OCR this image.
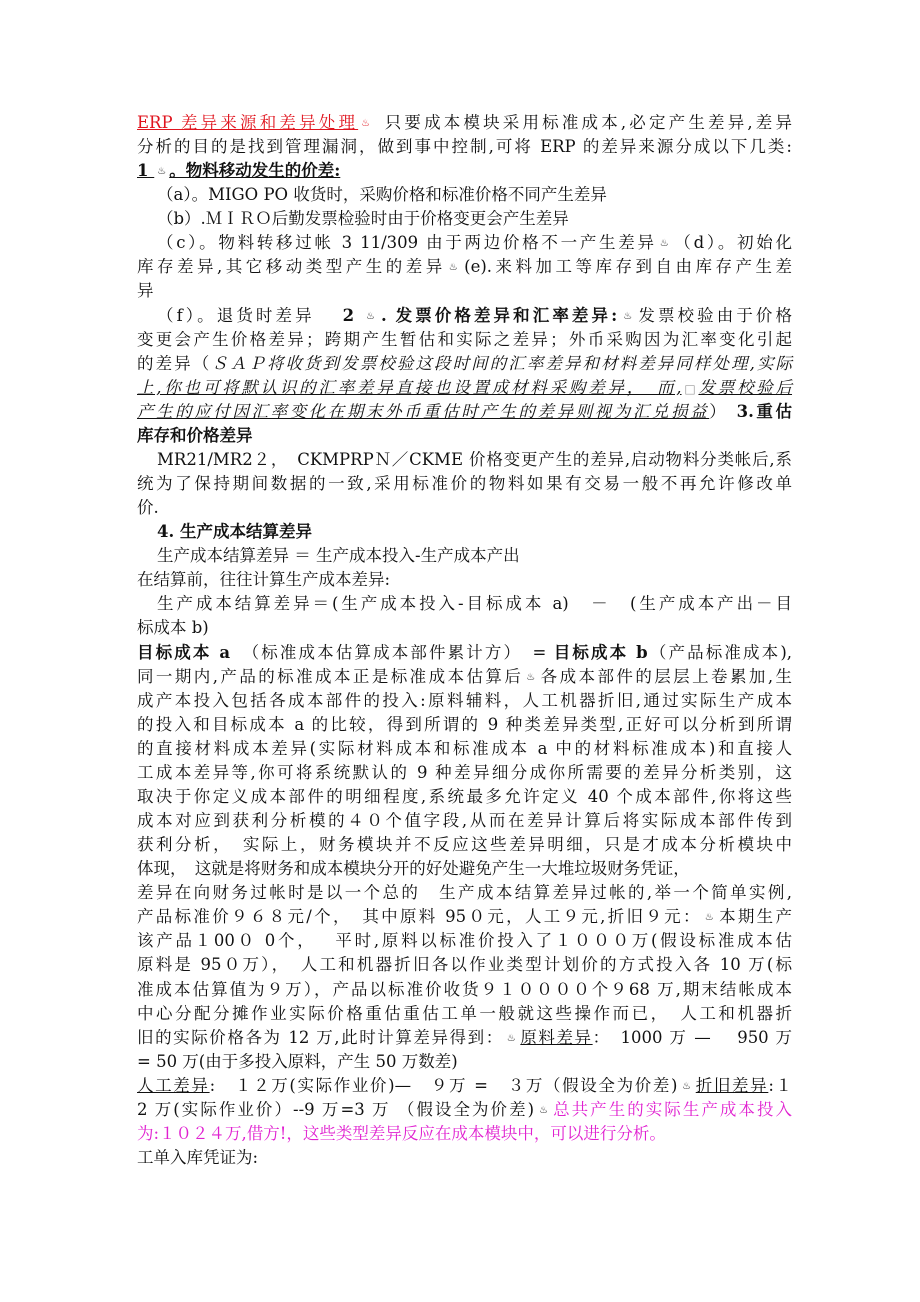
ERP 差异来源和差异处理 ♨ 只要成本模块采用标准成本,必定产生差异,差异
分析的目的是找到管理漏洞，做到事中控制,可将 ERP 的差异来源分成以下几类:
1 ♨ 。物料移动发生的价差:
（a）。MIGO PO 收货时，采购价格和标准价格不同产生差异
（b）.ＭＩＲＯ后勤发票检验时由于价格变更会产生差异
（c）。物料转移过帐 3 11/309 由于两边价格不一产生差异 ♨ （d）。初始化
库存差异,其它移动类型产生的差异 ♨ (e).来料加工等库存到自由库存产生差
异
（f）。退货时差异　 2 ♨ . 发票价格差异和汇率差异: ♨ 发票校验由于价格
变更会产生价格差异；跨期产生暂估和实际之差异；外币采购因为汇率变化引起
的差异（ＳＡＰ将收货到发票校验这段时间的汇率差异和材料差异同样处理,实际
上,你也可将默认识的汇率差异直接也设置成材料采购差异，　而,□发票校验后
产生的应付因汇率变化在期末外币重估时产生的差异则视为汇兑损益） 3.重估
库存和价格差异
MR21/MR2２，　CKMPRPＮ／CKME 价格变更产生的差异,启动物料分类帐后,系
统为了保持期间数据的一致,采用标准价的物料如果有交易一般不再允许修改单
价.
4. 生产成本结算差异
生产成本结算差异 ＝ 生产成本投入-生产成本产出
在结算前，往往计算生产成本差异:
生产成本结算差异＝(生产成本投入-目标成本 a)　－　(生产成本产出－目
标成本 b)
目标成本 a　（标准成本估算成本部件累计方）　= 目标成本 b（产品标准成本),
同一期内,产品的标准成本正是标准成本估算后 ♨ 各成本部件的层层上卷累加,生
成产本投入包括各成本部件的投入:原料辅料，人工机器折旧,通过实际生产成本
的投入和目标成本 a 的比较，得到所谓的 9 种类差异类型,正好可以分析到所谓
的直接材料成本差异(实际材料成本和标准成本 a 中的材料标准成本)和直接人
工成本差异等,你可将系统默认的 9 种差异细分成你所需要的差异分析类别，这
取决于你定义成本部件的明细程度,系统最多允许定义 40 个成本部件,你将这些
成本对应到获利分析模的４０个值字段,从而在差异计算后将实际成本部件传到
获利分析，　实际上，财务模块并不反应这些差异明细，只是才成本分析模块中
体现，　这就是将财务和成本模块分开的好处避免产生一大堆垃圾财务凭证，
差异在向财务过帐时是以一个总的　生产成本结算差异过帐的,举一个简单实例,
产品标准价９６８元/个，　其中原料 95０元，人工９元,折旧９元： ♨ 本期生产
该产品１00０ 0个，　 平时,原料以标准价投入了１０００万(假设标准成本估
原料是 95０万），　人工和机器折旧各以作业类型计划价的方式投入各 10 万(标
准成本估算值为９万），产品以标准价收货９１００００个９68 万,期末结帐成本
中心分配分摊作业实际价格重估重估工单一般就这些操作而已，　人工和机器折
旧的实际价格各为 12 万,此时计算差异得到： ♨ 原料差异：　1000 万 —　 950 万
= 50 万(由于多投入原料，产生 50 万数差)
人工差异:　１２万(实际作业价)—　９万 =　３万（假设全为价差) ♨ 折旧差异:１
2 万(实际作业价）--9 万=3 万 （假设全为价差) ♨ 总共产生的实际生产成本投入
为:１０２４万,借方!，这些类型差异反应在成本模块中，可以进行分析。
工单入库凭证为:
